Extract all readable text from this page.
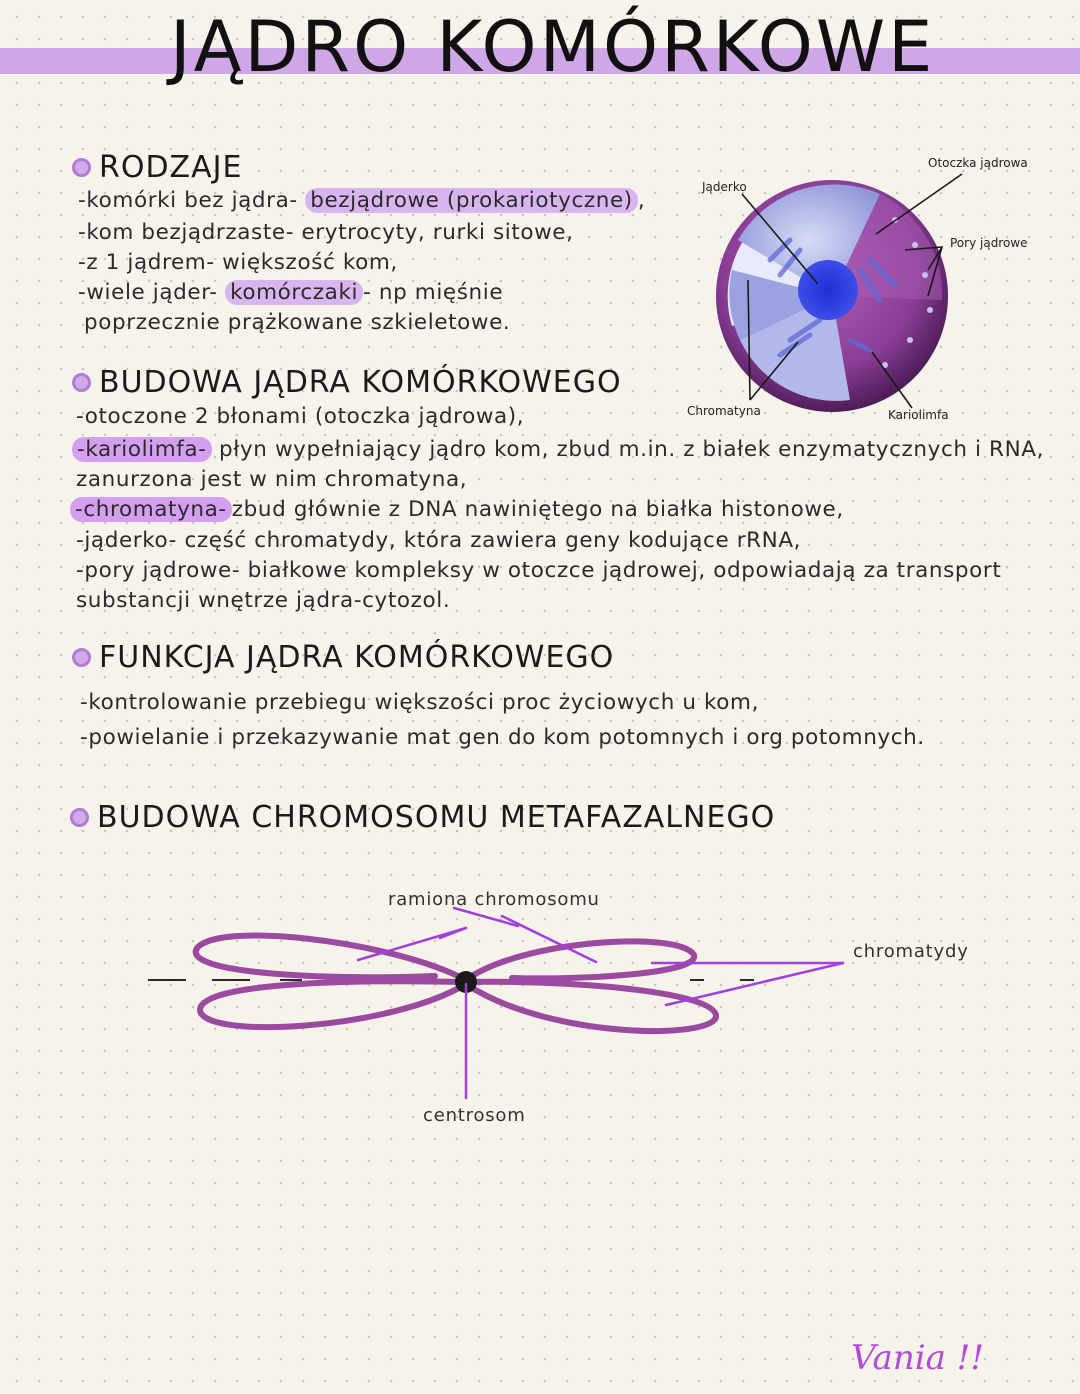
JĄDRO KOMÓRKOWE
RODZAJE
-komórki bez jądra- bezjądrowe (prokariotyczne) ,
-kom bezjądrzaste- erytrocyty, rurki sitowe,
-z 1 jądrem- większość kom,
-wiele jąder- komórczaki - np mięśnie
poprzecznie prążkowane szkieletowe.
Jąderko
Otoczka jądrowa
Pory jądrowe
Chromatyna	Kariolimfa
BUDOWA JĄDRA KOMÓRKOWEGO
-otoczone 2 błonami (otoczka jądrowa),
-kariolimfa- płyn wypełniający jądro kom, zbud m.in. z białek enzymatycznych i RNA,
zanurzona jest w nim chromatyna,
-chromatyna- zbud głównie z DNA nawiniętego na białka histonowe,
-jąderko- część chromatydy, która zawiera geny kodujące rRNA,
-pory jądrowe- białkowe kompleksy w otoczce jądrowej, odpowiadają za transport
substancji wnętrze jądra-cytozol.
FUNKCJA JĄDRA KOMÓRKOWEGO
-kontrolowanie przebiegu większości proc życiowych u kom,
-powielanie i przekazywanie mat gen do kom potomnych i org potomnych.
BUDOWA CHROMOSOMU METAFAZALNEGO
ramiona chromosomu
chromatydy
centrosom
Vania !!
